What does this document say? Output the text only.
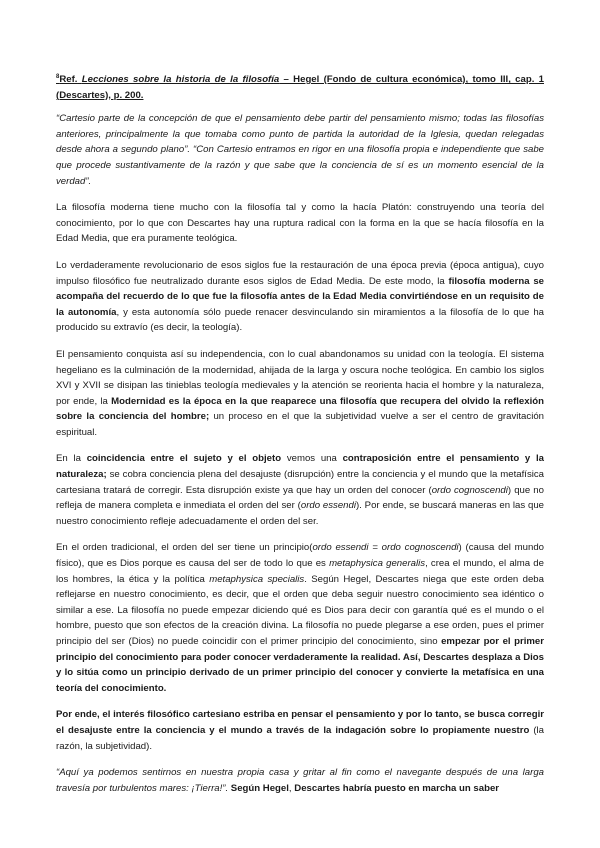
$^8$Ref. Lecciones sobre la historia de la filosofía – Hegel (Fondo de cultura económica), tomo III, cap. 1 (Descartes), p. 200.

“Cartesio parte de la concepción de que el pensamiento debe partir del pensamiento mismo; todas las filosofías anteriores, principalmente la que tomaba como punto de partida la autoridad de la Iglesia, quedan relegadas desde ahora a segundo plano”. “Con Cartesio entramos en rigor en una filosofía propia e independiente que sabe que procede sustantivamente de la razón y que sabe que la conciencia de sí es un momento esencial de la verdad”.

La filosofía moderna tiene mucho con la filosofía tal y como la hacía Platón: construyendo una teoría del conocimiento, por lo que con Descartes hay una ruptura radical con la forma en la que se hacía filosofía en la Edad Media, que era puramente teológica.

Lo verdaderamente revolucionario de esos siglos fue la restauración de una época previa (época antigua), cuyo impulso filosófico fue neutralizado durante esos siglos de Edad Media. De este modo, la filosofía moderna se acompaña del recuerdo de lo que fue la filosofía antes de la Edad Media convirtiéndose en un requisito de la autonomía, y esta autonomía sólo puede renacer desvinculando sin miramientos a la filosofía de lo que ha producido su extravío (es decir, la teología).

El pensamiento conquista así su independencia, con lo cual abandonamos su unidad con la teología. El sistema hegeliano es la culminación de la modernidad, ahijada de la larga y oscura noche teológica. En cambio los siglos XVI y XVII se disipan las tinieblas teología medievales y la atención se reorienta hacia el hombre y la naturaleza, por ende, la Modernidad es la época en la que reaparece una filosofía que recupera del olvido la reflexión sobre la conciencia del hombre; un proceso en el que la subjetividad vuelve a ser el centro de gravitación espiritual.

En la coincidencia entre el sujeto y el objeto vemos una contraposición entre el pensamiento y la naturaleza; se cobra conciencia plena del desajuste (disrupción) entre la conciencia y el mundo que la metafísica cartesiana tratará de corregir. Esta disrupción existe ya que hay un orden del conocer (ordo cognoscendi) que no refleja de manera completa e inmediata el orden del ser (ordo essendi). Por ende, se buscará maneras en las que nuestro conocimiento refleje adecuadamente el orden del ser.

En el orden tradicional, el orden del ser tiene un principio(ordo essendi = ordo cognoscendi) (causa del mundo físico), que es Dios porque es causa del ser de todo lo que es metaphysica generalis, crea el mundo, el alma de los hombres, la ética y la política metaphysica specialis. Según Hegel, Descartes niega que este orden deba reflejarse en nuestro conocimiento, es decir, que el orden que deba seguir nuestro conocimiento sea idéntico o similar a ese. La filosofía no puede empezar diciendo qué es Dios para decir con garantía qué es el mundo o el hombre, puesto que son efectos de la creación divina. La filosofía no puede plegarse a ese orden, pues el primer principio del ser (Dios) no puede coincidir con el primer principio del conocimiento, sino empezar por el primer principio del conocimiento para poder conocer verdaderamente la realidad. Así, Descartes desplaza a Dios y lo sitúa como un principio derivado de un primer principio del conocer y convierte la metafísica en una teoría del conocimiento.

Por ende, el interés filosófico cartesiano estriba en pensar el pensamiento y por lo tanto, se busca corregir el desajuste entre la conciencia y el mundo a través de la indagación sobre lo propiamente nuestro (la razón, la subjetividad).

“Aquí ya podemos sentirnos en nuestra propia casa y gritar al fin como el navegante después de una larga travesía por turbulentos mares: ¡Tierra!”. Según Hegel, Descartes habría puesto en marcha un saber
